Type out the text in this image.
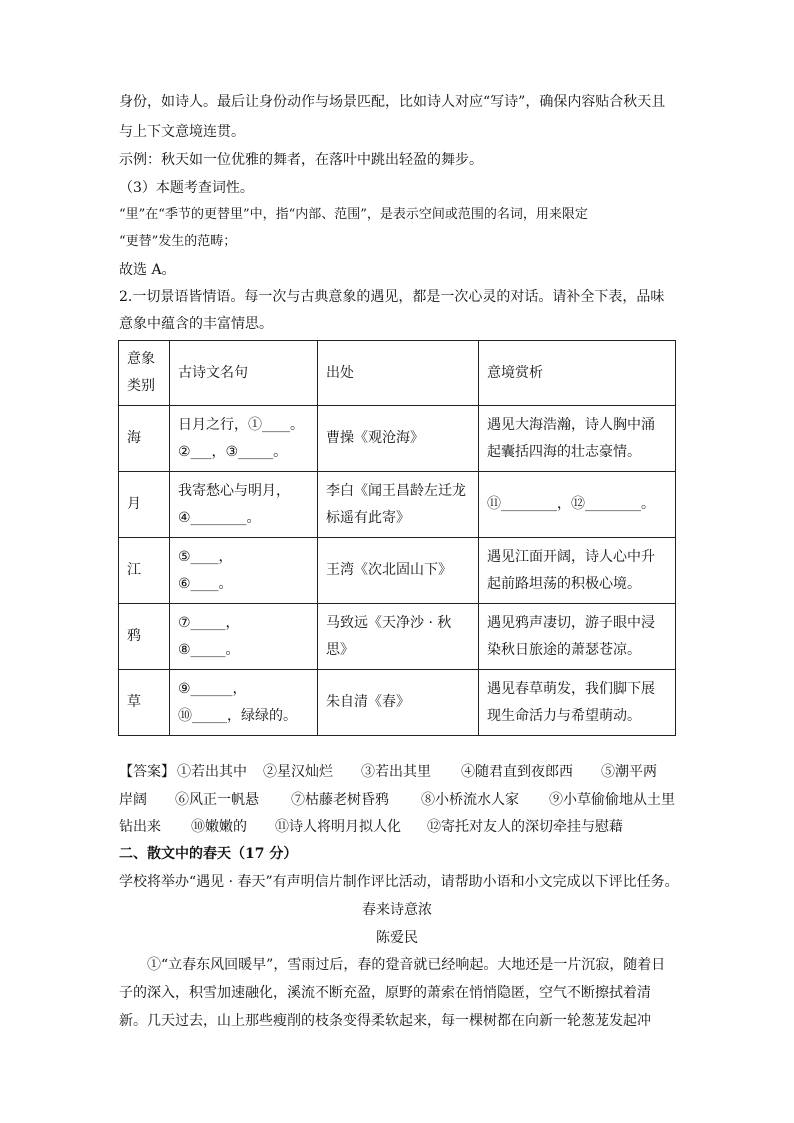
身份，如诗人。最后让身份动作与场景匹配，比如诗人对应“写诗”，确保内容贴合秋天且
与上下文意境连贯。
示例：秋天如一位优雅的舞者，在落叶中跳出轻盈的舞步。
（3）本题考查词性。
“里”在“季节的更替里”中，指“内部、范围”，是表示空间或范围的名词，用来限定
“更替”发生的范畴；
故选 A。
2.一切景语皆情语。每一次与古典意象的遇见，都是一次心灵的对话。请补全下表，品味
意象中蕴含的丰富情思。
意象
类别	古诗文名句	出处	意境赏析
海	日月之行，①____。
②___，③_____。	曹操《观沧海》	遇见大海浩瀚，诗人胸中涌
起囊括四海的壮志豪情。

月	我寄愁心与明月，
④________。	李白《闻王昌龄左迁龙
标遥有此寄》	⑪________，⑫________。

江	⑤____，
⑥____。	王湾《次北固山下》	遇见江面开阔，诗人心中升
起前路坦荡的积极心境。

鸦	⑦_____，
⑧_____。	马致远《天净沙 · 秋
思》	遇见鸦声凄切，游子眼中浸
染秋日旅途的萧瑟苍凉。

草	⑨______，
⑩_____，绿绿的。	朱自清《春》	遇见春草萌发，我们脚下展
现生命活力与希望萌动。
【答案】 ①若出其中 ②星汉灿烂 ③若出其里 ④随君直到夜郎西 ⑤潮平两
岸阔 ⑥风正一帆悬 ⑦枯藤老树昏鸦 ⑧小桥流水人家 ⑨小草偷偷地从土里
钻出来 ⑩嫩嫩的 ⑪诗人将明月拟人化 ⑫寄托对友人的深切牵挂与慰藉
二、散文中的春天（17 分）
学校将举办“遇见 · 春天”有声明信片制作评比活动，请帮助小语和小文完成以下评比任务。
春来诗意浓
陈爱民
①“立春东风回暖早”，雪雨过后，春的跫音就已经响起。大地还是一片沉寂，随着日
子的深入，积雪加速融化，溪流不断充盈，原野的萧索在悄悄隐匿，空气不断擦拭着清
新。几天过去，山上那些瘦削的枝条变得柔软起来，每一棵树都在向新一轮葱茏发起冲
